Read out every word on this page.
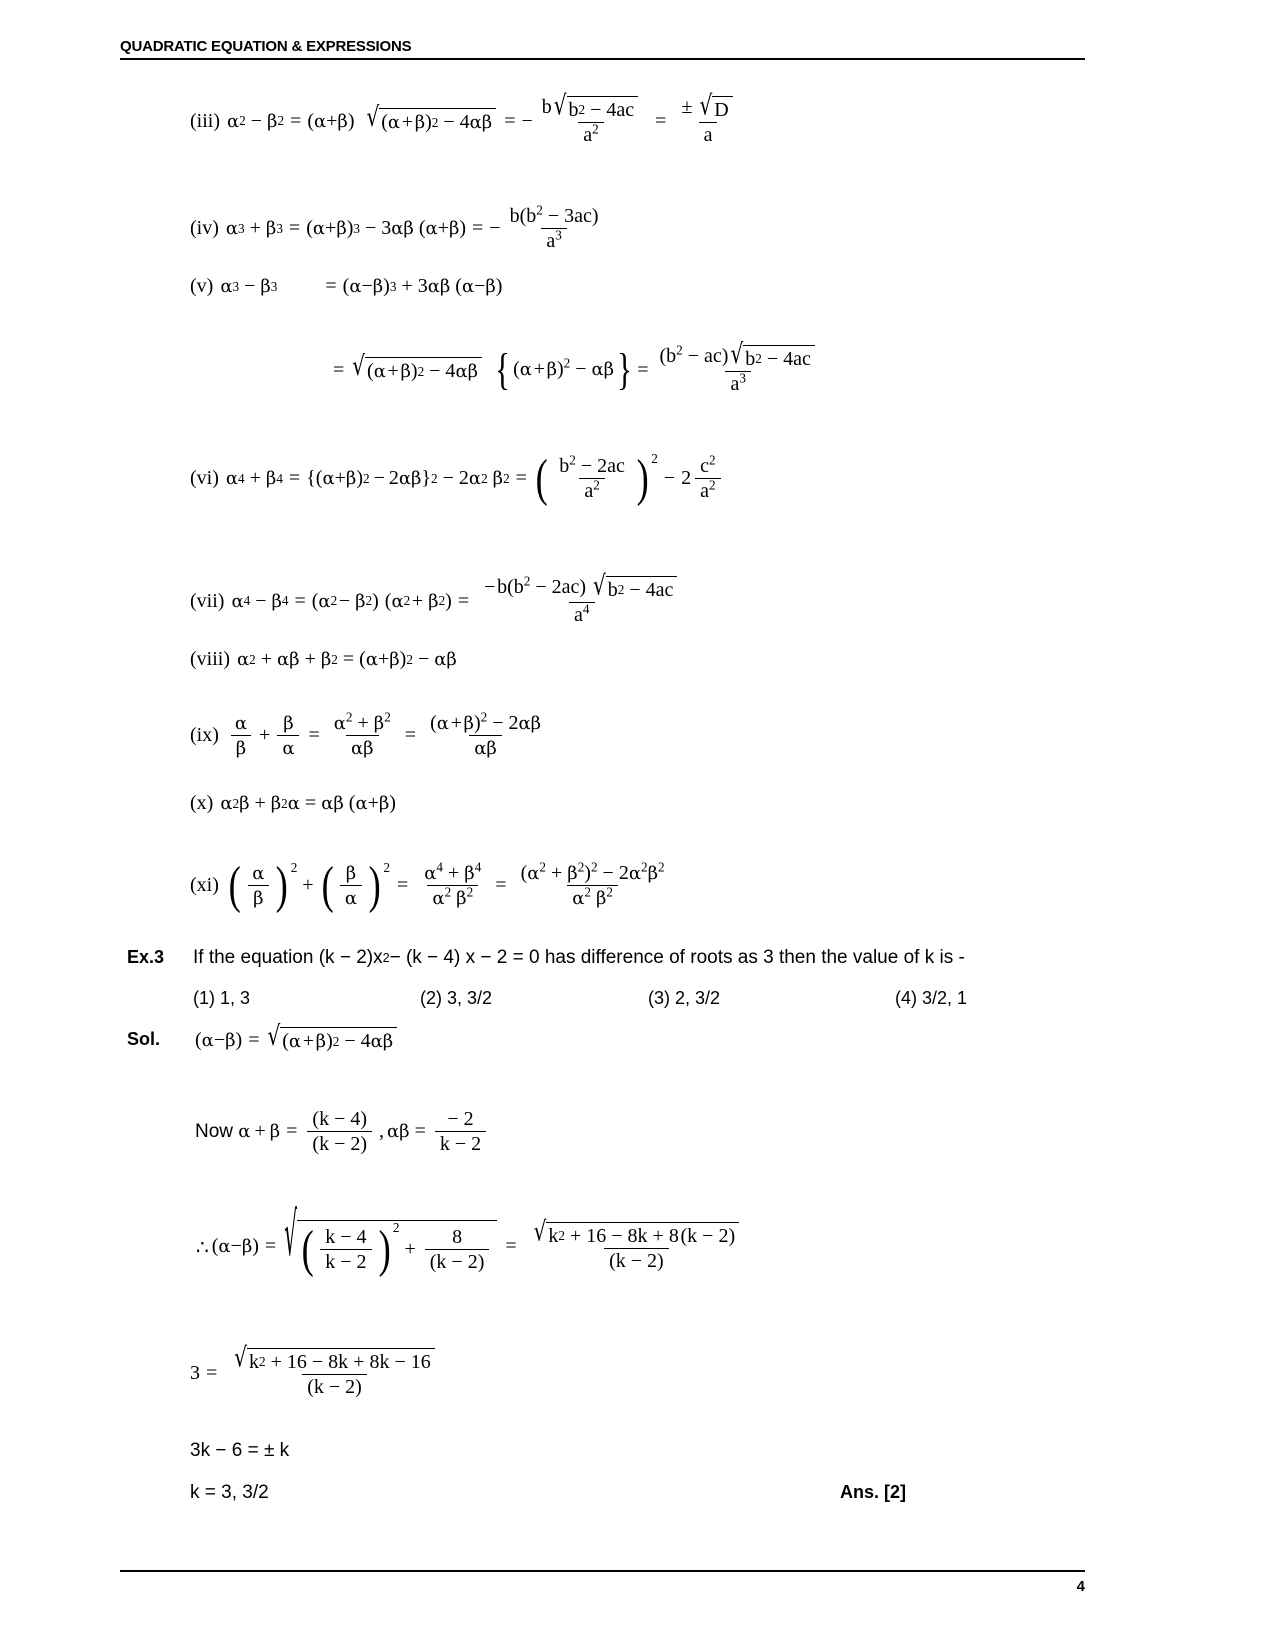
QUADRATIC EQUATION & EXPRESSIONS
(iii) α 2 − β 2 = ( α + β ) √ ( α  +  β ) 2 − 4 αβ = − $\frac{b √ b 2 - 4ac}{a^2} = \frac{\pm √ D}{a}$
(iv) α 3 + β 3 = ( α + β ) 3 − 3 αβ ( α + β ) = − $\frac{b(b^2 - 3ac)}{a^3}$
(v) α 3 − β 3	= ( α − β ) 3 + 3 αβ ( α − β )
= √ ( α  +  β ) 2 − 4 αβ { (α + β)$^2$ − αβ } = $\frac{(b^2 - ac) √ b 2 - 4ac}{a^3}$
(vi) α 4 + β 4 = {( α + β ) 2 − 2 αβ } 2 − 2 α 2
β 2 = ( $\frac{b^2 - 2ac}{a^2}$ ) 2
− $2 \frac{c^2}{a^2}$
(vii) α 4 − β 4 = ( α 2  − β 2 )
( α 2  + β 2 ) = $\frac{- b(b^2 - 2ac) √ b 2 - 4ac}{a^4}$
(viii) α 2 + αβ + β 2 = ( α + β ) 2 − αβ
$(ix) \frac{\alpha}{\beta} + \frac{\beta}{\alpha} = \frac{\alpha^2 + \beta^2}{\alpha\beta} = \frac{(\alpha + \beta)^2 - 2\alpha\beta}{\alpha\beta}$
(x) α 2 β + β 2 α = αβ ( α + β )
(xi) ( $\frac{\alpha}{\beta}$ ) 2
+ ( $\frac{\beta}{\alpha}$ ) 2
= $\frac{\alpha^4 + \beta^4}{\alpha^2 \beta^2} = \frac{(\alpha^2 + \beta^2)^2 - 2\alpha^2\beta^2}{\alpha^2 \beta^2}$
Ex.3 If the equation (k − 2)x 2 − (k − 4) x − 2 = 0 has difference of roots as 3 then the value of k is -
(1) 1, 3	(2) 3, 3/2	(3) 2, 3/2	(4) 3/2, 1
Sol. ( α − β ) = √ ( α  +  β ) 2 − 4 αβ
Now $\alpha + \beta = \frac{(k - 4)}{(k - 2)}$ , $\alpha\beta = \frac{- 2}{k - 2}$
∴ ( α − β ) = √ ( $\frac{k - 4}{k - 2}$ ) 2
+ $\frac{8}{(k - 2)} = \frac{√ k 2 + 16 - 8k + 8 (k - 2)}{(k - 2)}$
$3 = \frac{√ k 2 + 16 - 8k + 8k - 16}{(k - 2)}$
3k − 6 = ± k
k = 3, 3/2	Ans. [2]
4
